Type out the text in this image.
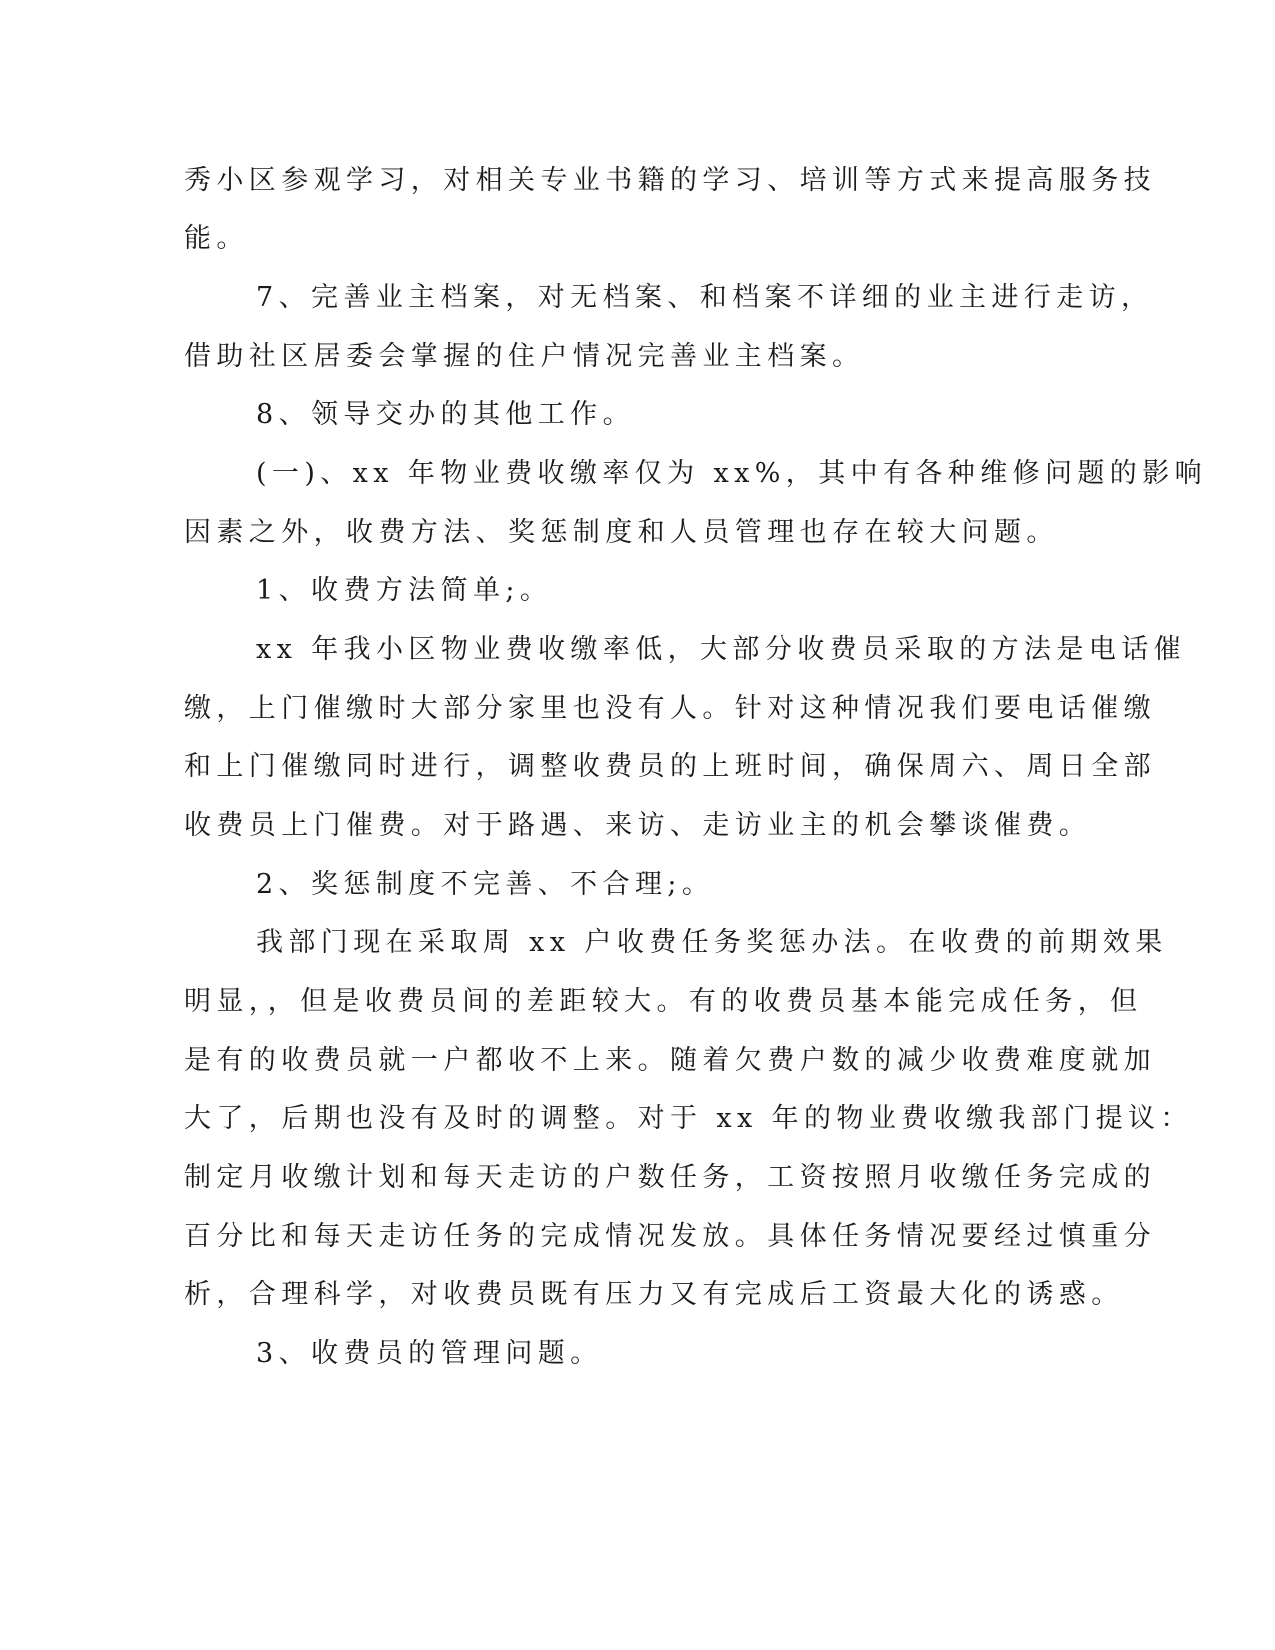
秀小区参观学习，对相关专业书籍的学习、培训等方式来提高服务技
能。
7、完善业主档案，对无档案、和档案不详细的业主进行走访，
借助社区居委会掌握的住户情况完善业主档案。
8、领导交办的其他工作。
(一)、xx 年物业费收缴率仅为 xx%，其中有各种维修问题的影响
因素之外，收费方法、奖惩制度和人员管理也存在较大问题。
1、收费方法简单;。
xx 年我小区物业费收缴率低，大部分收费员采取的方法是电话催
缴，上门催缴时大部分家里也没有人。针对这种情况我们要电话催缴
和上门催缴同时进行，调整收费员的上班时间，确保周六、周日全部
收费员上门催费。对于路遇、来访、走访业主的机会攀谈催费。
2、奖惩制度不完善、不合理;。
我部门现在采取周 xx 户收费任务奖惩办法。在收费的前期效果
明显，，但是收费员间的差距较大。有的收费员基本能完成任务，但
是有的收费员就一户都收不上来。随着欠费户数的减少收费难度就加
大了，后期也没有及时的调整。对于 xx 年的物业费收缴我部门提议：
制定月收缴计划和每天走访的户数任务，工资按照月收缴任务完成的
百分比和每天走访任务的完成情况发放。具体任务情况要经过慎重分
析，合理科学，对收费员既有压力又有完成后工资最大化的诱惑。
3、收费员的管理问题。
